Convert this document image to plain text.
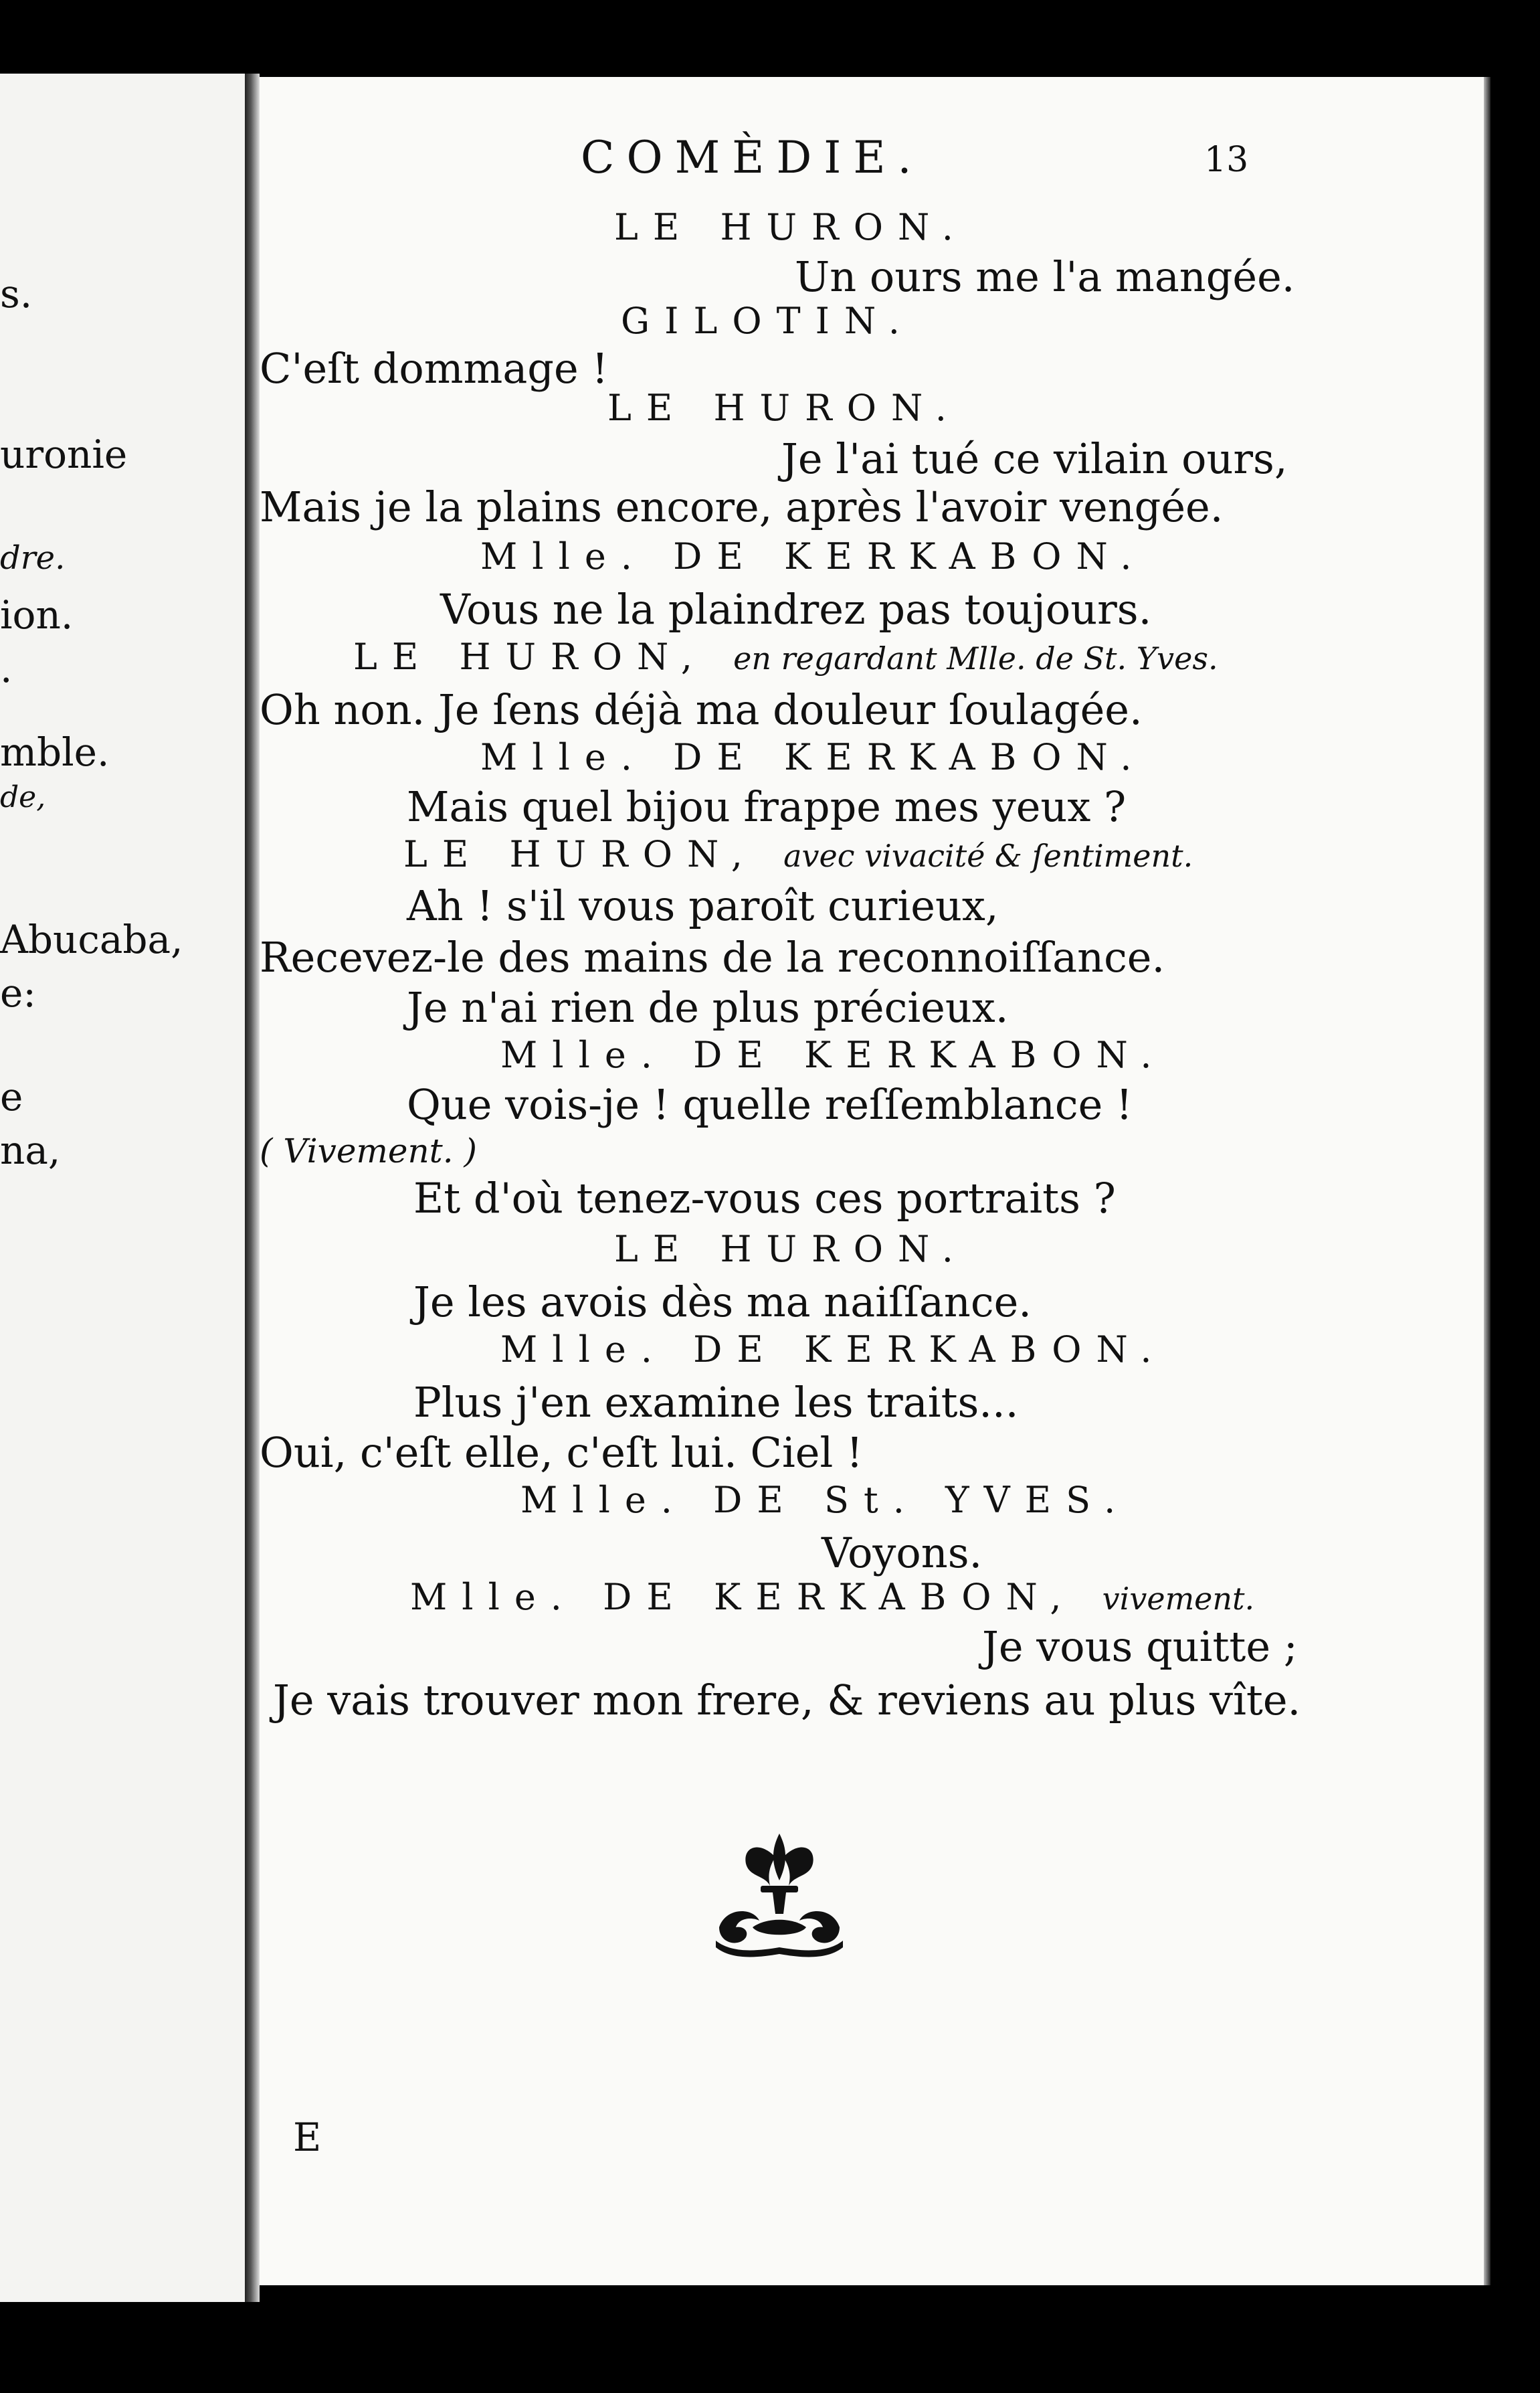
s.
uronie
dre.
ion.
.
mble.
de,
Abucaba,
e:
e
na,
COMÈDIE.	13
LE HURON.
Un ours me l'a mangée.
GILOTIN.
C'eſt dommage !
LE HURON.
Je l'ai tué ce vilain ours,
Mais je la plains encore, après l'avoir vengée.
Mlle. DE KERKABON.
Vous ne la plaindrez pas toujours.
LE HURON, en regardant Mlle. de St. Yves.
Oh non. Je ſens déjà ma douleur ſoulagée.
Mlle. DE KERKABON.
Mais quel bijou frappe mes yeux ?
LE HURON, avec vivacité & ſentiment.
Ah ! s'il vous paroît curieux,
Recevez-le des mains de la reconnoiſſance.
Je n'ai rien de plus précieux.
Mlle. DE KERKABON.
Que vois-je ! quelle reſſemblance !
( Vivement. )
Et d'où tenez-vous ces portraits ?
LE HURON.
Je les avois dès ma naiſſance.
Mlle. DE KERKABON.
Plus j'en examine les traits...
Oui, c'eſt elle, c'eſt lui. Ciel !
Mlle. DE St. YVES.
Voyons.
Mlle. DE KERKABON, vivement.
Je vous quitte ;
Je vais trouver mon frere, & reviens au plus vîte.
E
